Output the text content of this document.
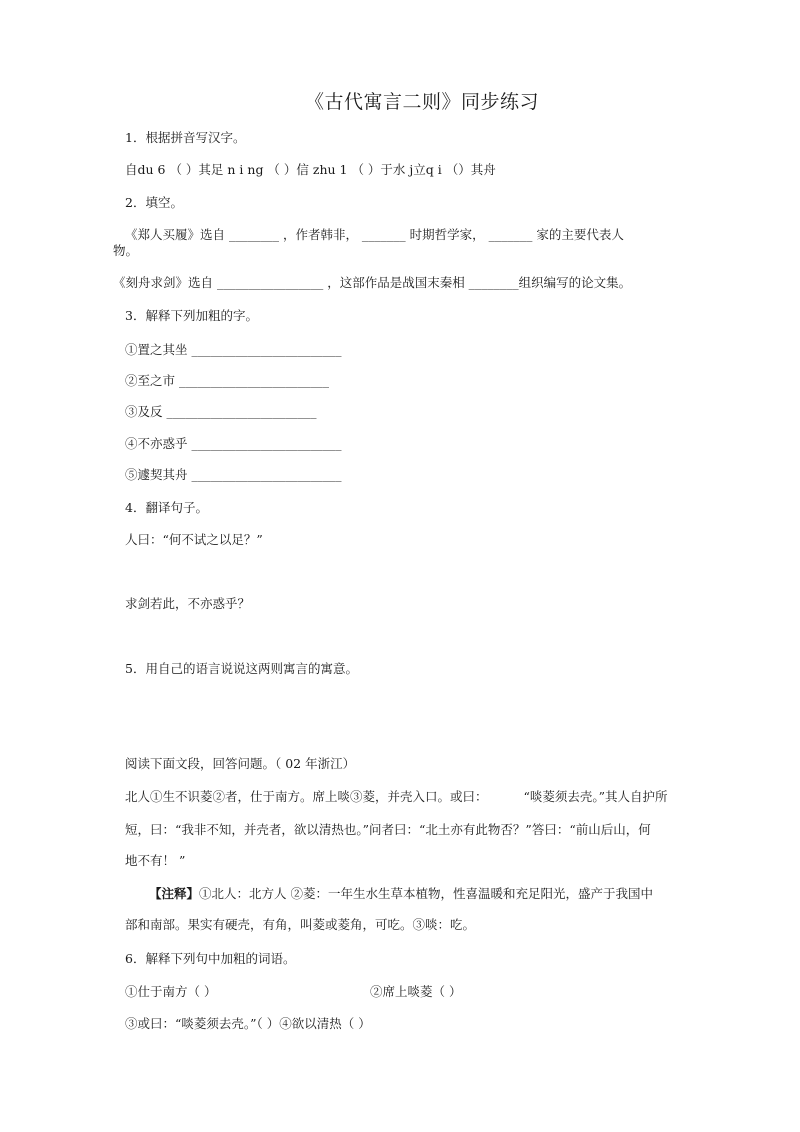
《古代寓言二则》同步练习
1．根据拼音写汉字。
自du 6 （ ）其足 n i ng （ ）信 zhu 1 （ ）于水 j立q i （）其舟
2．填空。
《郑人买履》选自 ________ ，作者韩非， _______ 时期哲学家， _______ 家的主要代表人
物。
《刻舟求剑》选自 _________________ ，这部作品是战国末秦相 ________组织编写的论文集。
3．解释下列加粗的字。
①置之其坐 ________________________
②至之市 ________________________
③及反 ________________________
④不亦惑乎 ________________________
⑤遽契其舟 ________________________
4．翻译句子。
人曰：“何不试之以足？”
求剑若此，不亦惑乎？
5．用自己的语言说说这两则寓言的寓意。
阅读下面文段，回答问题。（ 02 年浙江）
北人①生不识菱②者，仕于南方。席上啖③菱，并壳入口。或曰：	“啖菱须去壳。”其人自护所
短，曰：“我非不知，并壳者，欲以清热也。”问者曰：“北土亦有此物否？”答曰：“前山后山，何
地不有！ ”
【注释】①北人：北方人 ②菱：一年生水生草本植物，性喜温暖和充足阳光，盛产于我国中
部和南部。果实有硬壳，有角，叫菱或菱角，可吃。③啖：吃。
6．解释下列句中加粗的词语。
①仕于南方（ ）	②席上啖菱（ ）
③或曰：“啖菱须去壳。”（ ）④欲以清热（ ）
